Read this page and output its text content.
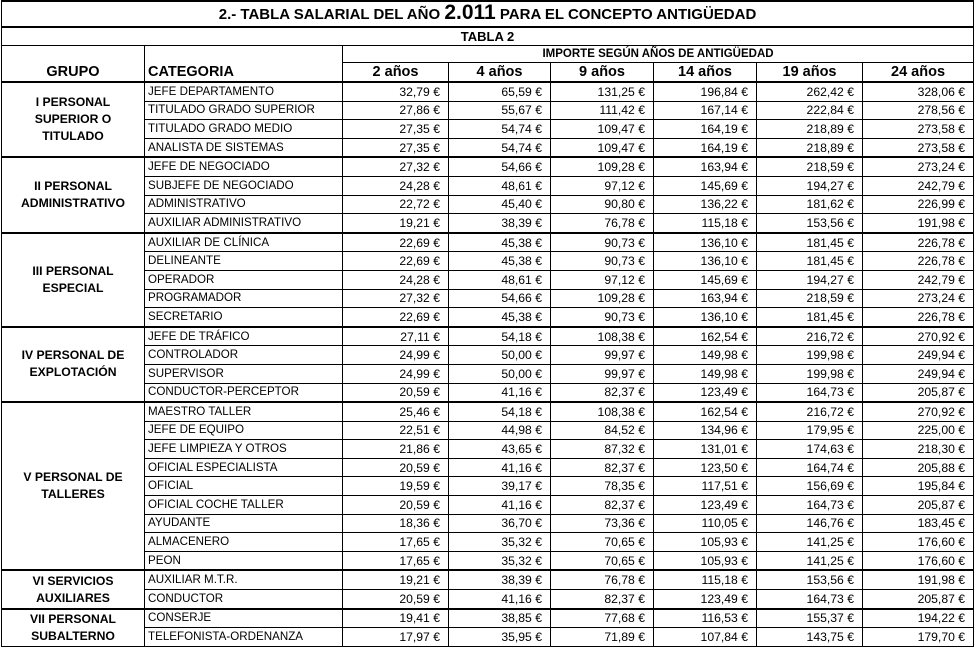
2.- TABLA SALARIAL DEL AÑO 2.011 PARA EL CONCEPTO ANTIGÜEDAD							
TABLA 2							
		IMPORTE SEGÚN AÑOS DE ANTIGÜEDAD					
GRUPO	CATEGORIA	2 años	4 años	9 años	14 años	19 años	24 años
I PERSONAL SUPERIOR O TITULADO	JEFE DEPARTAMENTO	32,79 €	65,59 €	131,25 €	196,84 €	262,42 €	328,06 €
	TITULADO GRADO SUPERIOR	27,86 €	55,67 €	111,42 €	167,14 €	222,84 €	278,56 €
	TITULADO GRADO MEDIO	27,35 €	54,74 €	109,47 €	164,19 €	218,89 €	273,58 €
	ANALISTA DE SISTEMAS	27,35 €	54,74 €	109,47 €	164,19 €	218,89 €	273,58 €
II PERSONAL ADMINISTRATIVO	JEFE DE NEGOCIADO	27,32 €	54,66 €	109,28 €	163,94 €	218,59 €	273,24 €
	SUBJEFE DE NEGOCIADO	24,28 €	48,61 €	97,12 €	145,69 €	194,27 €	242,79 €
	ADMINISTRATIVO	22,72 €	45,40 €	90,80 €	136,22 €	181,62 €	226,99 €
	AUXILIAR ADMINISTRATIVO	19,21 €	38,39 €	76,78 €	115,18 €	153,56 €	191,98 €
III PERSONAL ESPECIAL	AUXILIAR DE CLÍNICA	22,69 €	45,38 €	90,73 €	136,10 €	181,45 €	226,78 €
	DELINEANTE	22,69 €	45,38 €	90,73 €	136,10 €	181,45 €	226,78 €
	OPERADOR	24,28 €	48,61 €	97,12 €	145,69 €	194,27 €	242,79 €
	PROGRAMADOR	27,32 €	54,66 €	109,28 €	163,94 €	218,59 €	273,24 €
	SECRETARIO	22,69 €	45,38 €	90,73 €	136,10 €	181,45 €	226,78 €
IV PERSONAL DE EXPLOTACIÓN	JEFE DE TRÁFICO	27,11 €	54,18 €	108,38 €	162,54 €	216,72 €	270,92 €
	CONTROLADOR	24,99 €	50,00 €	99,97 €	149,98 €	199,98 €	249,94 €
	SUPERVISOR	24,99 €	50,00 €	99,97 €	149,98 €	199,98 €	249,94 €
	CONDUCTOR-PERCEPTOR	20,59 €	41,16 €	82,37 €	123,49 €	164,73 €	205,87 €
V PERSONAL DE TALLERES	MAESTRO TALLER	25,46 €	54,18 €	108,38 €	162,54 €	216,72 €	270,92 €
	JEFE DE EQUIPO	22,51 €	44,98 €	84,52 €	134,96 €	179,95 €	225,00 €
	JEFE LIMPIEZA Y OTROS	21,86 €	43,65 €	87,32 €	131,01 €	174,63 €	218,30 €
	OFICIAL ESPECIALISTA	20,59 €	41,16 €	82,37 €	123,50 €	164,74 €	205,88 €
	OFICIAL	19,59 €	39,17 €	78,35 €	117,51 €	156,69 €	195,84 €
	OFICIAL COCHE TALLER	20,59 €	41,16 €	82,37 €	123,49 €	164,73 €	205,87 €
	AYUDANTE	18,36 €	36,70 €	73,36 €	110,05 €	146,76 €	183,45 €
	ALMACENERO	17,65 €	35,32 €	70,65 €	105,93 €	141,25 €	176,60 €
	PEON	17,65 €	35,32 €	70,65 €	105,93 €	141,25 €	176,60 €
VI SERVICIOS AUXILIARES	AUXILIAR M.T.R.	19,21 €	38,39 €	76,78 €	115,18 €	153,56 €	191,98 €
	CONDUCTOR	20,59 €	41,16 €	82,37 €	123,49 €	164,73 €	205,87 €
VII PERSONAL SUBALTERNO	CONSERJE	19,41 €	38,85 €	77,68 €	116,53 €	155,37 €	194,22 €
	TELEFONISTA-ORDENANZA	17,97 €	35,95 €	71,89 €	107,84 €	143,75 €	179,70 €
